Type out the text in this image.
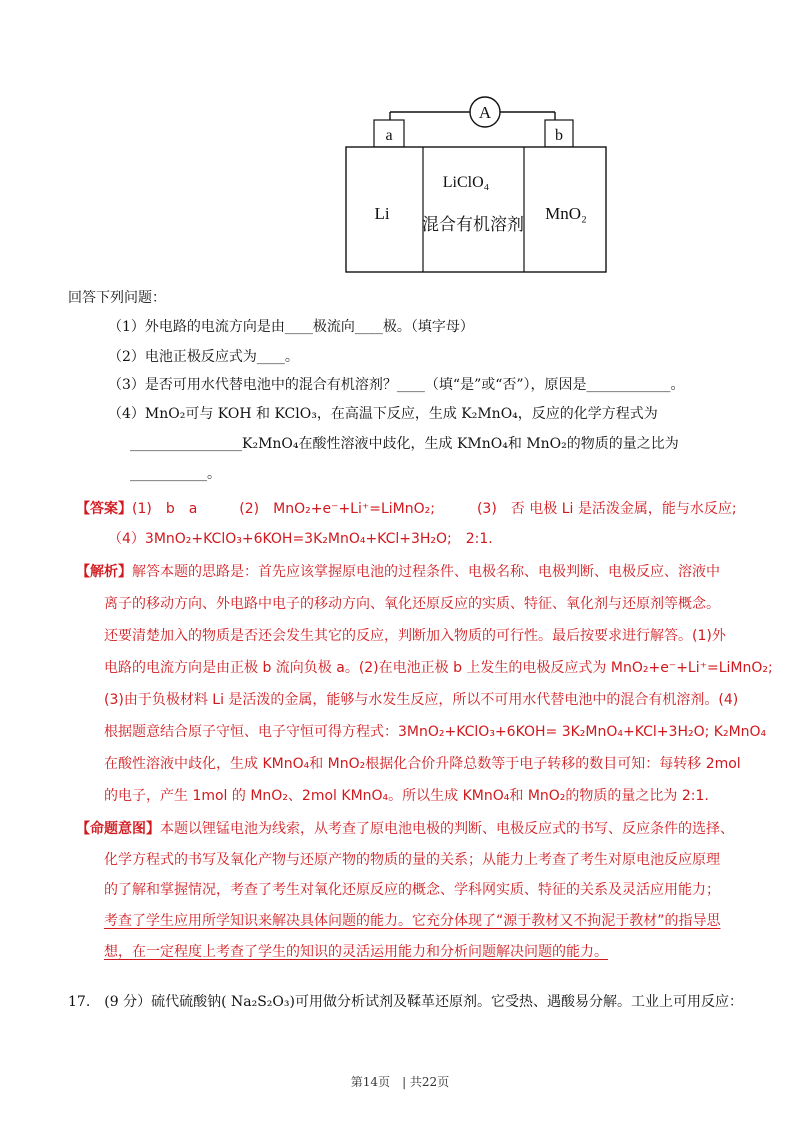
A
a	b
Li
LiClO₄
混合有机溶剂
MnO₂
回答下列问题：
（1）外电路的电流方向是由____极流向____极。（填字母）
（2）电池正极反应式为____。
（3）是否可用水代替电池中的混合有机溶剂？____（填“是”或“否”），原因是____________。
（4）MnO₂可与 KOH 和 KClO₃，在高温下反应，生成 K₂MnO₄，反应的化学方程式为
________________K₂MnO₄在酸性溶液中歧化，生成 KMnO₄和 MnO₂的物质的量之比为
___________。
【答案】(1)　b　a　　　(2)　MnO₂+e⁻+Li⁺=LiMnO₂;　　　(3)　否 电极 Li 是活泼金属，能与水反应;
（4）3MnO₂+KClO₃+6KOH=3K₂MnO₄+KCl+3H₂O;　2:1.
【解析】解答本题的思路是：首先应该掌握原电池的过程条件、电极名称、电极判断、电极反应、溶液中
离子的移动方向、外电路中电子的移动方向、氧化还原反应的实质、特征、氧化剂与还原剂等概念。
还要清楚加入的物质是否还会发生其它的反应，判断加入物质的可行性。最后按要求进行解答。(1)外
电路的电流方向是由正极 b 流向负极 a。(2)在电池正极 b 上发生的电极反应式为 MnO₂+e⁻+Li⁺=LiMnO₂;
(3)由于负极材料 Li 是活泼的金属，能够与水发生反应，所以不可用水代替电池中的混合有机溶剂。(4)
根据题意结合原子守恒、电子守恒可得方程式：3MnO₂+KClO₃+6KOH= 3K₂MnO₄+KCl+3H₂O; K₂MnO₄
在酸性溶液中歧化，生成 KMnO₄和 MnO₂根据化合价升降总数等于电子转移的数目可知：每转移 2mol
的电子，产生 1mol 的 MnO₂、2mol KMnO₄。所以生成 KMnO₄和 MnO₂的物质的量之比为 2:1.
【命题意图】本题以锂锰电池为线索，从考查了原电池电极的判断、电极反应式的书写、反应条件的选择、
化学方程式的书写及氧化产物与还原产物的物质的量的关系；从能力上考查了考生对原电池反应原理
的了解和掌握情况，考查了考生对氧化还原反应的概念、学科网实质、特征的关系及灵活应用能力；
考查了学生应用所学知识来解决具体问题的能力。它充分体现了“源于教材又不拘泥于教材”的指导思
想，在一定程度上考查了学生的知识的灵活运用能力和分析问题解决问题的能力。
17.　(9 分）硫代硫酸钠( Na₂S₂O₃)可用做分析试剂及鞣革还原剂。它受热、遇酸易分解。工业上可用反应：
第14页　| 共22页
